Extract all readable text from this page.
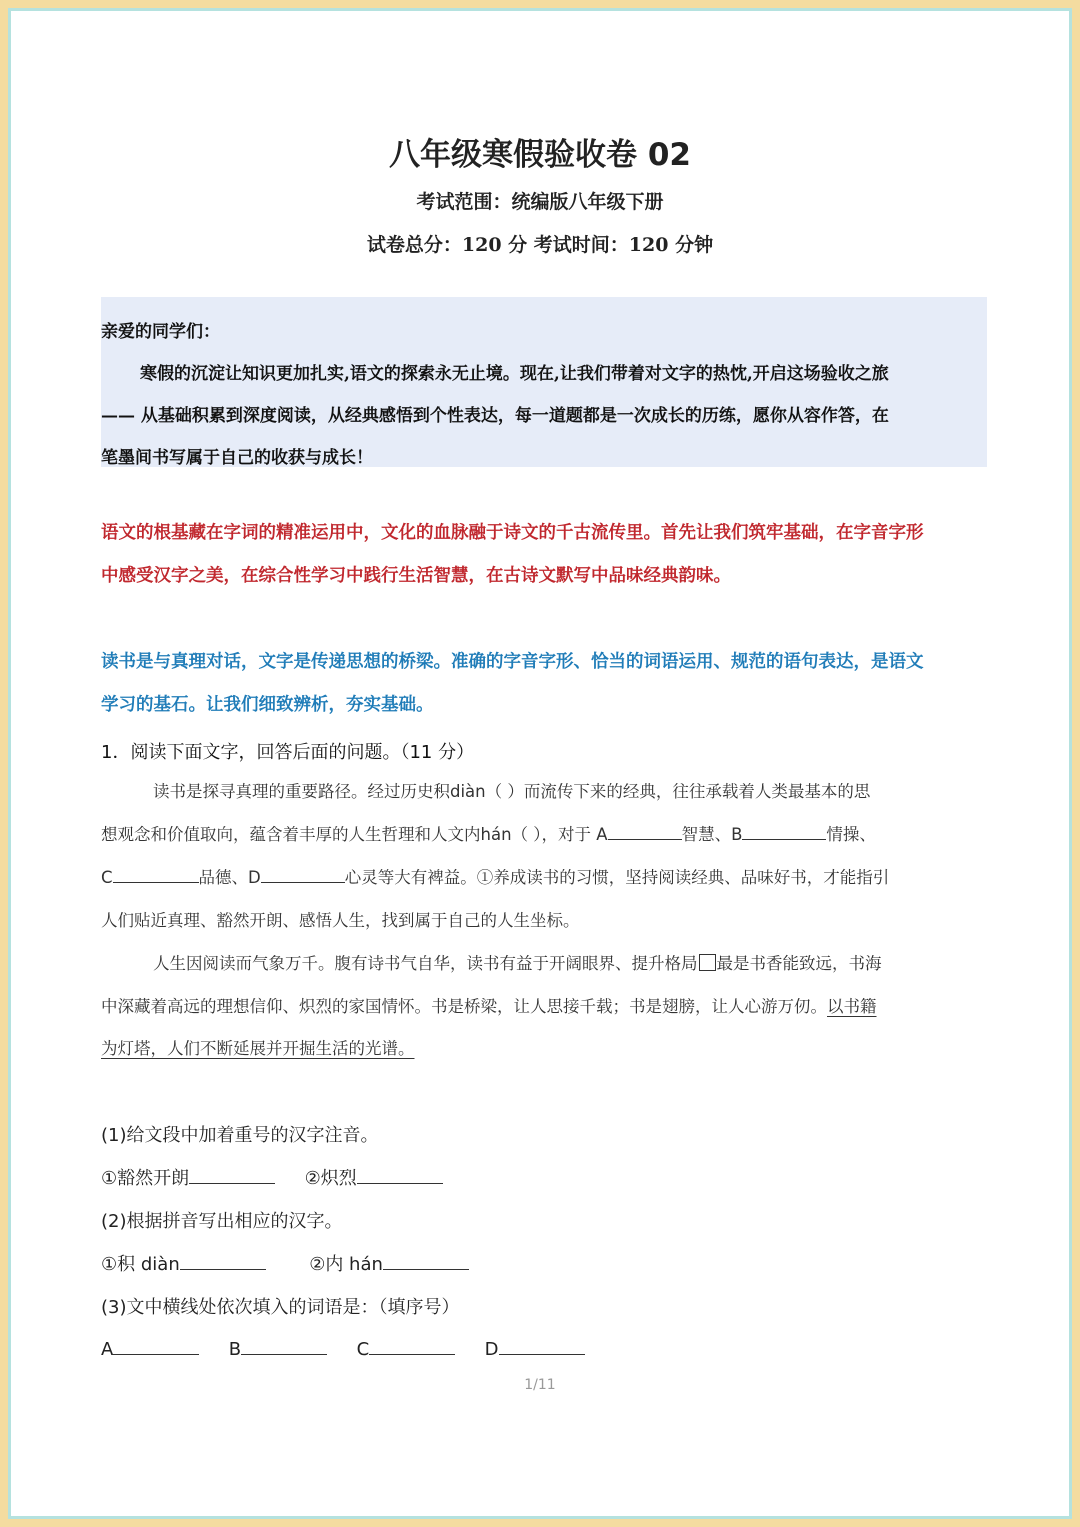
八年级寒假验收卷 02
考试范围：统编版八年级下册
试卷总分：120 分 考试时间：120 分钟
亲爱的同学们：
寒假的沉淀让知识更加扎实,语文的探索永无止境。现在,让我们带着对文字的热忱,开启这场验收之旅
—— 从基础积累到深度阅读，从经典感悟到个性表达，每一道题都是一次成长的历练，愿你从容作答，在
笔墨间书写属于自己的收获与成长！
语文的根基藏在字词的精准运用中，文化的血脉融于诗文的千古流传里。首先让我们筑牢基础，在字音字形
中感受汉字之美，在综合性学习中践行生活智慧，在古诗文默写中品味经典韵味。
读书是与真理对话，文字是传递思想的桥梁。准确的字音字形、恰当的词语运用、规范的语句表达，是语文
学习的基石。让我们细致辨析，夯实基础。
1．阅读下面文字，回答后面的问题。（11 分）
读书是探寻真理的重要路径。经过历史积diàn（ ）而流传下来的经典，往往承载着人类最基本的思
想观念和价值取向，蕴含着丰厚的人生哲理和人文内hán（ ），对于 A	智慧、B	情操、
C	品德、D	心灵等大有裨益。①养成读书的习惯，坚持阅读经典、品味好书，才能指引
人们贴近真理、豁然开朗、感悟人生，找到属于自己的人生坐标。
人生因阅读而气象万千。腹有诗书气自华，读书有益于开阔眼界、提升格局 最是书香能致远，书海
中深藏着高远的理想信仰、炽烈的家国情怀。书是桥梁，让人思接千载；书是翅膀，让人心游万仞。以书籍
为灯塔，人们不断延展并开掘生活的光谱。
(1)给文段中加着重号的汉字注音。
①豁然开朗	②炽烈
(2)根据拼音写出相应的汉字。
①积 diàn	②内 hán
(3)文中横线处依次填入的词语是：（填序号）
A	B	C	D
1/11
